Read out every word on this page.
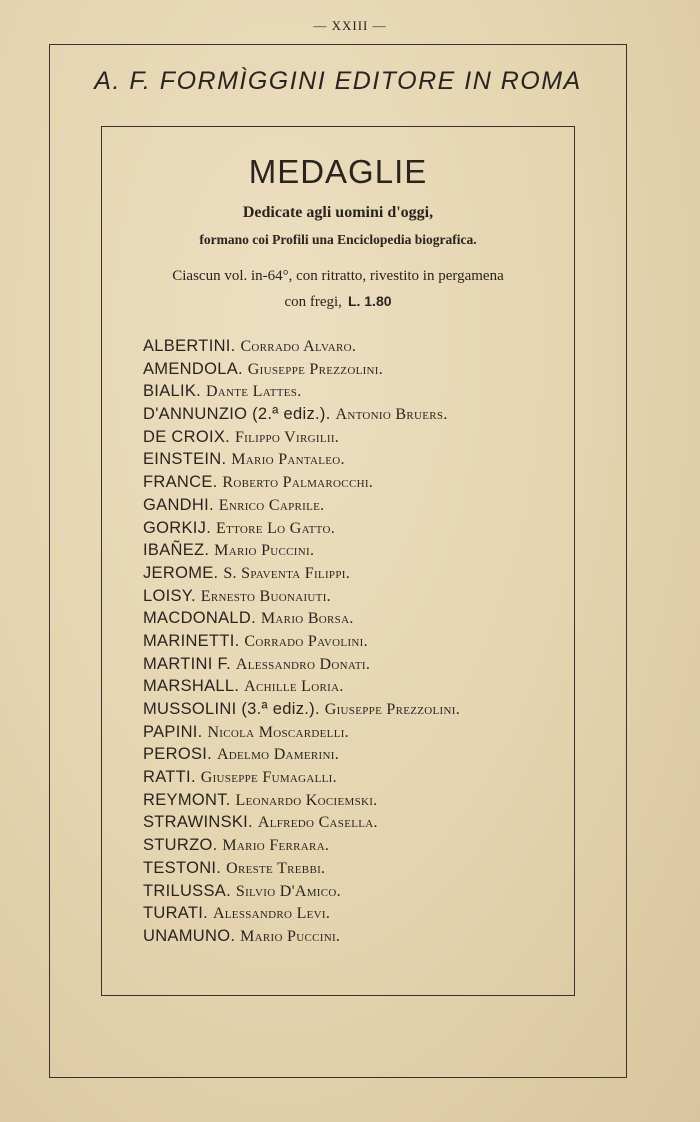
— XXIII —
A. F. FORMÌGGINI EDITORE IN ROMA
MEDAGLIE
Dedicate agli uomini d'oggi,
formano coi Profili una Enciclopedia biografica.
Ciascun vol. in-64°, con ritratto, rivestito in pergamena
con fregi, L. 1.80
ALBERTINI. Corrado Alvaro.
AMENDOLA. Giuseppe Prezzolini.
BIALIK. Dante Lattes.
D'ANNUNZIO (2.ª ediz.). Antonio Bruers.
DE CROIX. Filippo Virgilii.
EINSTEIN. Mario Pantaleo.
FRANCE. Roberto Palmarocchi.
GANDHI. Enrico Caprile.
GORKIJ. Ettore Lo Gatto.
IBAÑEZ. Mario Puccini.
JEROME. S. Spaventa Filippi.
LOISY. Ernesto Buonaiuti.
MACDONALD. Mario Borsa.
MARINETTI. Corrado Pavolini.
MARTINI F. Alessandro Donati.
MARSHALL. Achille Loria.
MUSSOLINI (3.ª ediz.). Giuseppe Prezzolini.
PAPINI. Nicola Moscardelli.
PEROSI. Adelmo Damerini.
RATTI. Giuseppe Fumagalli.
REYMONT. Leonardo Kociemski.
STRAWINSKI. Alfredo Casella.
STURZO. Mario Ferrara.
TESTONI. Oreste Trebbi.
TRILUSSA. Silvio D'Amico.
TURATI. Alessandro Levi.
UNAMUNO. Mario Puccini.
